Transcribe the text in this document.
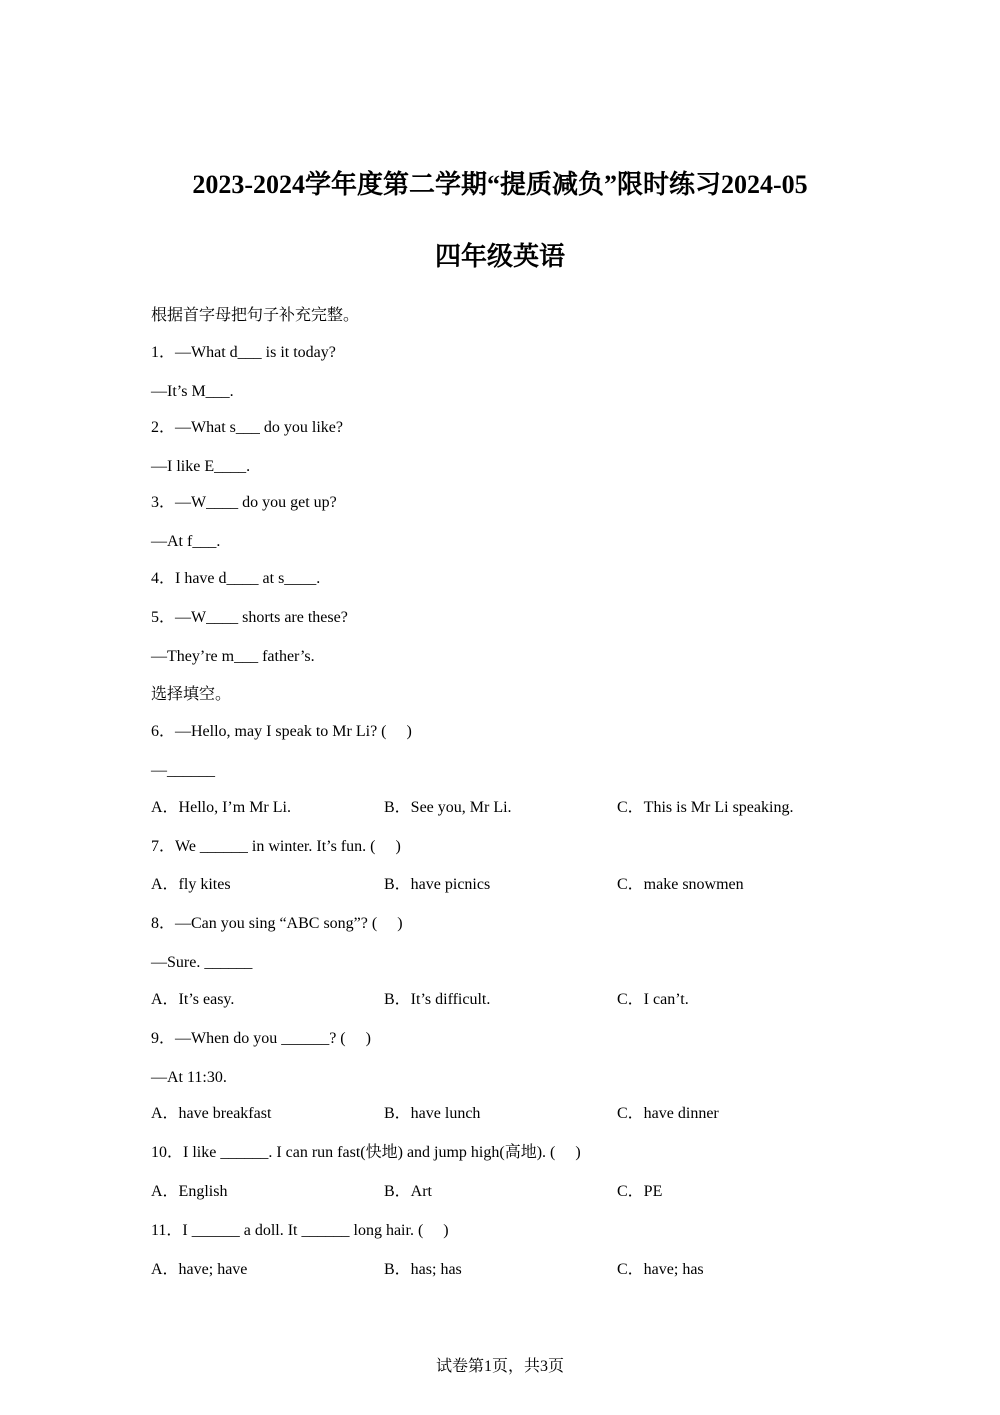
2023-2024学年度第二学期“提质减负”限时练习2024-05
四年级英语
根据首字母把句子补充完整。
1．—What d___ is it today?
—It’s M___.
2．—What s___ do you like?
—I like E____.
3．—W____ do you get up?
—At f___.
4．I have d____ at s____.
5．—W____ shorts are these?
—They’re m___ father’s.
选择填空。
6．—Hello, may I speak to Mr Li? (     )
—______
A．Hello, I’m Mr Li.	B．See you, Mr Li.	C．This is Mr Li speaking.
7．We ______ in winter. It’s fun. (     )
A．fly kites	B．have picnics	C．make snowmen
8．—Can you sing “ABC song”? (     )
—Sure. ______
A．It’s easy.	B．It’s difficult.	C．I can’t.
9．—When do you ______? (     )
—At 11:30.
A．have breakfast	B．have lunch	C．have dinner
10．I like ______. I can run fast(快地) and jump high(高地). (     )
A．English	B．Art	C．PE
11．I ______ a doll. It ______ long hair. (     )
A．have; have	B．has; has	C．have; has
试卷第1页，共3页
